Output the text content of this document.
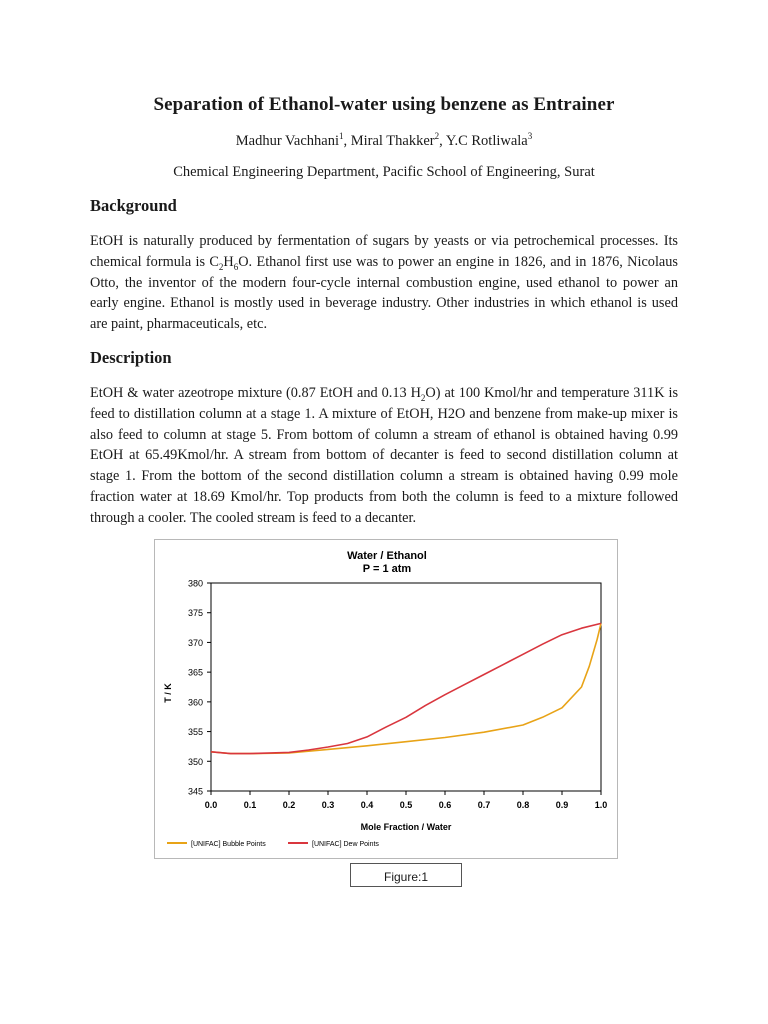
Separation of Ethanol-water using benzene as Entrainer
Madhur Vachhani$^1$, Miral Thakker$^2$, Y.C Rotliwala$^3$
Chemical Engineering Department, Pacific School of Engineering, Surat
Background
EtOH is naturally produced by fermentation of sugars by yeasts or via petrochemical processes. Its chemical formula is $C_2H_6O$. Ethanol first use was to power an engine in 1826, and in 1876, Nicolaus Otto, the inventor of the modern four-cycle internal combustion engine, used ethanol to power an early engine. Ethanol is mostly used in beverage industry. Other industries in which ethanol is used are paint, pharmaceuticals, etc.
Description
EtOH & water azeotrope mixture (0.87 EtOH and 0.13 $H_2O$) at 100 Kmol/hr and temperature 311K is feed to distillation column at a stage 1. A mixture of EtOH, H2O and benzene from make-up mixer is also feed to column at stage 5. From bottom of column a stream of ethanol is obtained having 0.99 EtOH at 65.49Kmol/hr. A stream from bottom of decanter is feed to second distillation column at stage 1. From the bottom of the second distillation column a stream is obtained having 0.99 mole fraction water at 18.69 Kmol/hr. Top products from both the column is feed to a mixture followed through a cooler. The cooled stream is feed to a decanter.
Water / Ethanol
P = 1 atm
T / K
Mole Fraction / Water
345
350
355
360
365
370
375
380
0.0	0.1	0.2	0.3	0.4	0.5	0.6	0.7	0.8	0.9	1.0
[UNIFAC] Bubble Points	[UNIFAC] Dew Points
Figure:1
